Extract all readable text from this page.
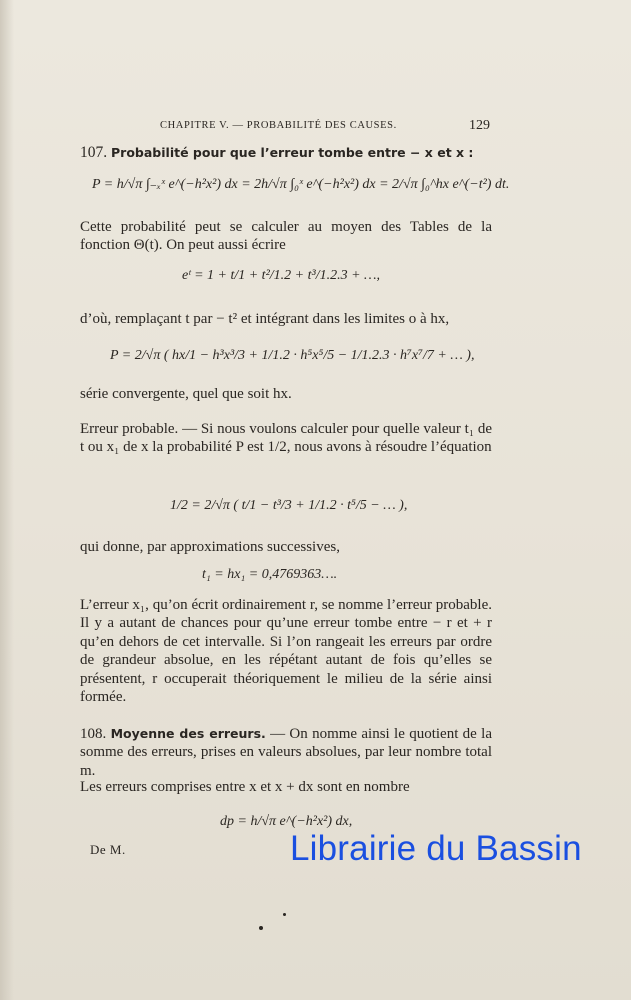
CHAPITRE V. — PROBABILITÉ DES CAUSES.	129
107. Probabilité pour que l’erreur tombe entre − x et x :
P = h/√π ∫₋ₓˣ e^(−h²x²) dx = 2h/√π ∫₀ˣ e^(−h²x²) dx = 2/√π ∫₀^hx e^(−t²) dt.
Cette probabilité peut se calculer au moyen des Tables de la fonction Θ(t). On peut aussi écrire
eᵗ = 1 + t/1 + t²/1.2 + t³/1.2.3 + …,
d’où, remplaçant t par − t² et intégrant dans les limites o à hx,
P = 2/√π ( hx/1 − h³x³/3 + 1/1.2 · h⁵x⁵/5 − 1/1.2.3 · h⁷x⁷/7 + … ),
série convergente, quel que soit hx.
Erreur probable. — Si nous voulons calculer pour quelle valeur t₁ de t ou x₁ de x la probabilité P est 1/2, nous avons à résoudre l’équation
1/2 = 2/√π ( t/1 − t³/3 + 1/1.2 · t⁵/5 − … ),
qui donne, par approximations successives,
t₁ = hx₁ = 0,4769363….
L’erreur x₁, qu’on écrit ordinairement r, se nomme l’erreur probable. Il y a autant de chances pour qu’une erreur tombe entre − r et + r qu’en dehors de cet intervalle. Si l’on rangeait les erreurs par ordre de grandeur absolue, en les répétant autant de fois qu’elles se présentent, r occuperait théoriquement le milieu de la série ainsi formée.
108. Moyenne des erreurs. — On nomme ainsi le quotient de la somme des erreurs, prises en valeurs absolues, par leur nombre total m.
Les erreurs comprises entre x et x + dx sont en nombre
dp = h/√π e^(−h²x²) dx,
De M.	Librairie du Bassin
